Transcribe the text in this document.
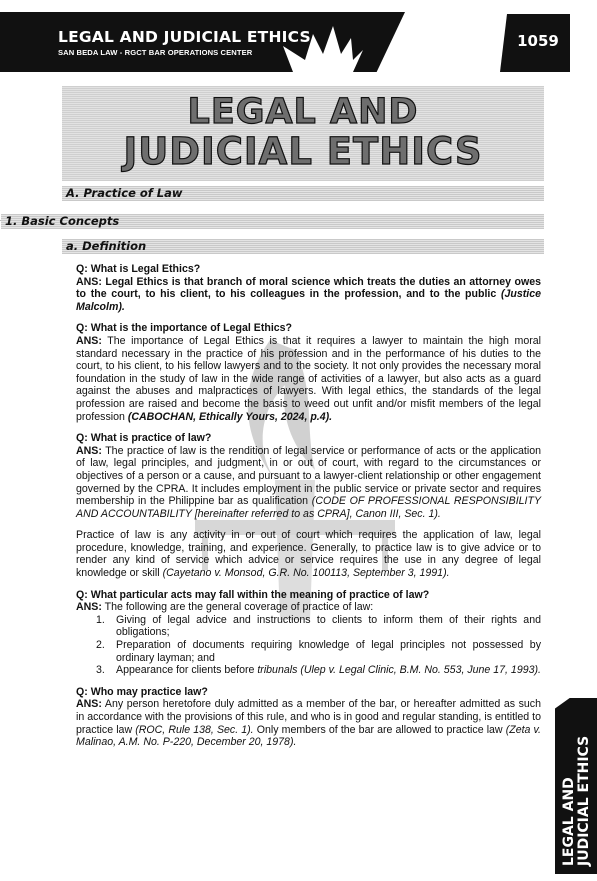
LEGAL AND JUDICIAL ETHICS
SAN BEDA LAW - RGCT BAR OPERATIONS CENTER
1059
LEGAL AND
JUDICIAL ETHICS
A. Practice of Law
1. Basic Concepts
a. Definition
Q: What is Legal Ethics?
ANS: Legal Ethics is that branch of moral science which treats the duties an attorney owes to the court, to his client, to his colleagues in the profession, and to the public (Justice Malcolm).
Q: What is the importance of Legal Ethics?
ANS: The importance of Legal Ethics is that it requires a lawyer to maintain the high moral standard necessary in the practice of his profession and in the performance of his duties to the court, to his client, to his fellow lawyers and to the society. It not only provides the necessary moral foundation in the study of law in the wide range of activities of a lawyer, but also acts as a guard against the abuses and malpractices of lawyers. With legal ethics, the standards of the legal profession are raised and become the basis to weed out unfit and/or misfit members of the legal profession (CABOCHAN, Ethically Yours, 2024, p.4).
Q: What is practice of law?
ANS: The practice of law is the rendition of legal service or performance of acts or the application of law, legal principles, and judgment, in or out of court, with regard to the circumstances or objectives of a person or a cause, and pursuant to a lawyer-client relationship or other engagement governed by the CPRA. It includes employment in the public service or private sector and requires membership in the Philippine bar as qualification (CODE OF PROFESSIONAL RESPONSIBILITY AND ACCOUNTABILITY [hereinafter referred to as CPRA], Canon III, Sec. 1).
Practice of law is any activity in or out of court which requires the application of law, legal procedure, knowledge, training, and experience. Generally, to practice law is to give advice or to render any kind of service which advice or service requires the use in any degree of legal knowledge or skill (Cayetano v. Monsod, G.R. No. 100113, September 3, 1991).
Q: What particular acts may fall within the meaning of practice of law?
ANS: The following are the general coverage of practice of law:
1.	Giving of legal advice and instructions to clients to inform them of their rights and obligations;
2.	Preparation of documents requiring knowledge of legal principles not possessed by ordinary layman; and
3.	Appearance for clients before tribunals (Ulep v. Legal Clinic, B.M. No. 553, June 17, 1993).
Q: Who may practice law?
ANS: Any person heretofore duly admitted as a member of the bar, or hereafter admitted as such in accordance with the provisions of this rule, and who is in good and regular standing, is entitled to practice law (ROC, Rule 138, Sec. 1). Only members of the bar are allowed to practice law (Zeta v. Malinao, A.M. No. P-220, December 20, 1978).
LEGAL AND JUDICIAL ETHICS
